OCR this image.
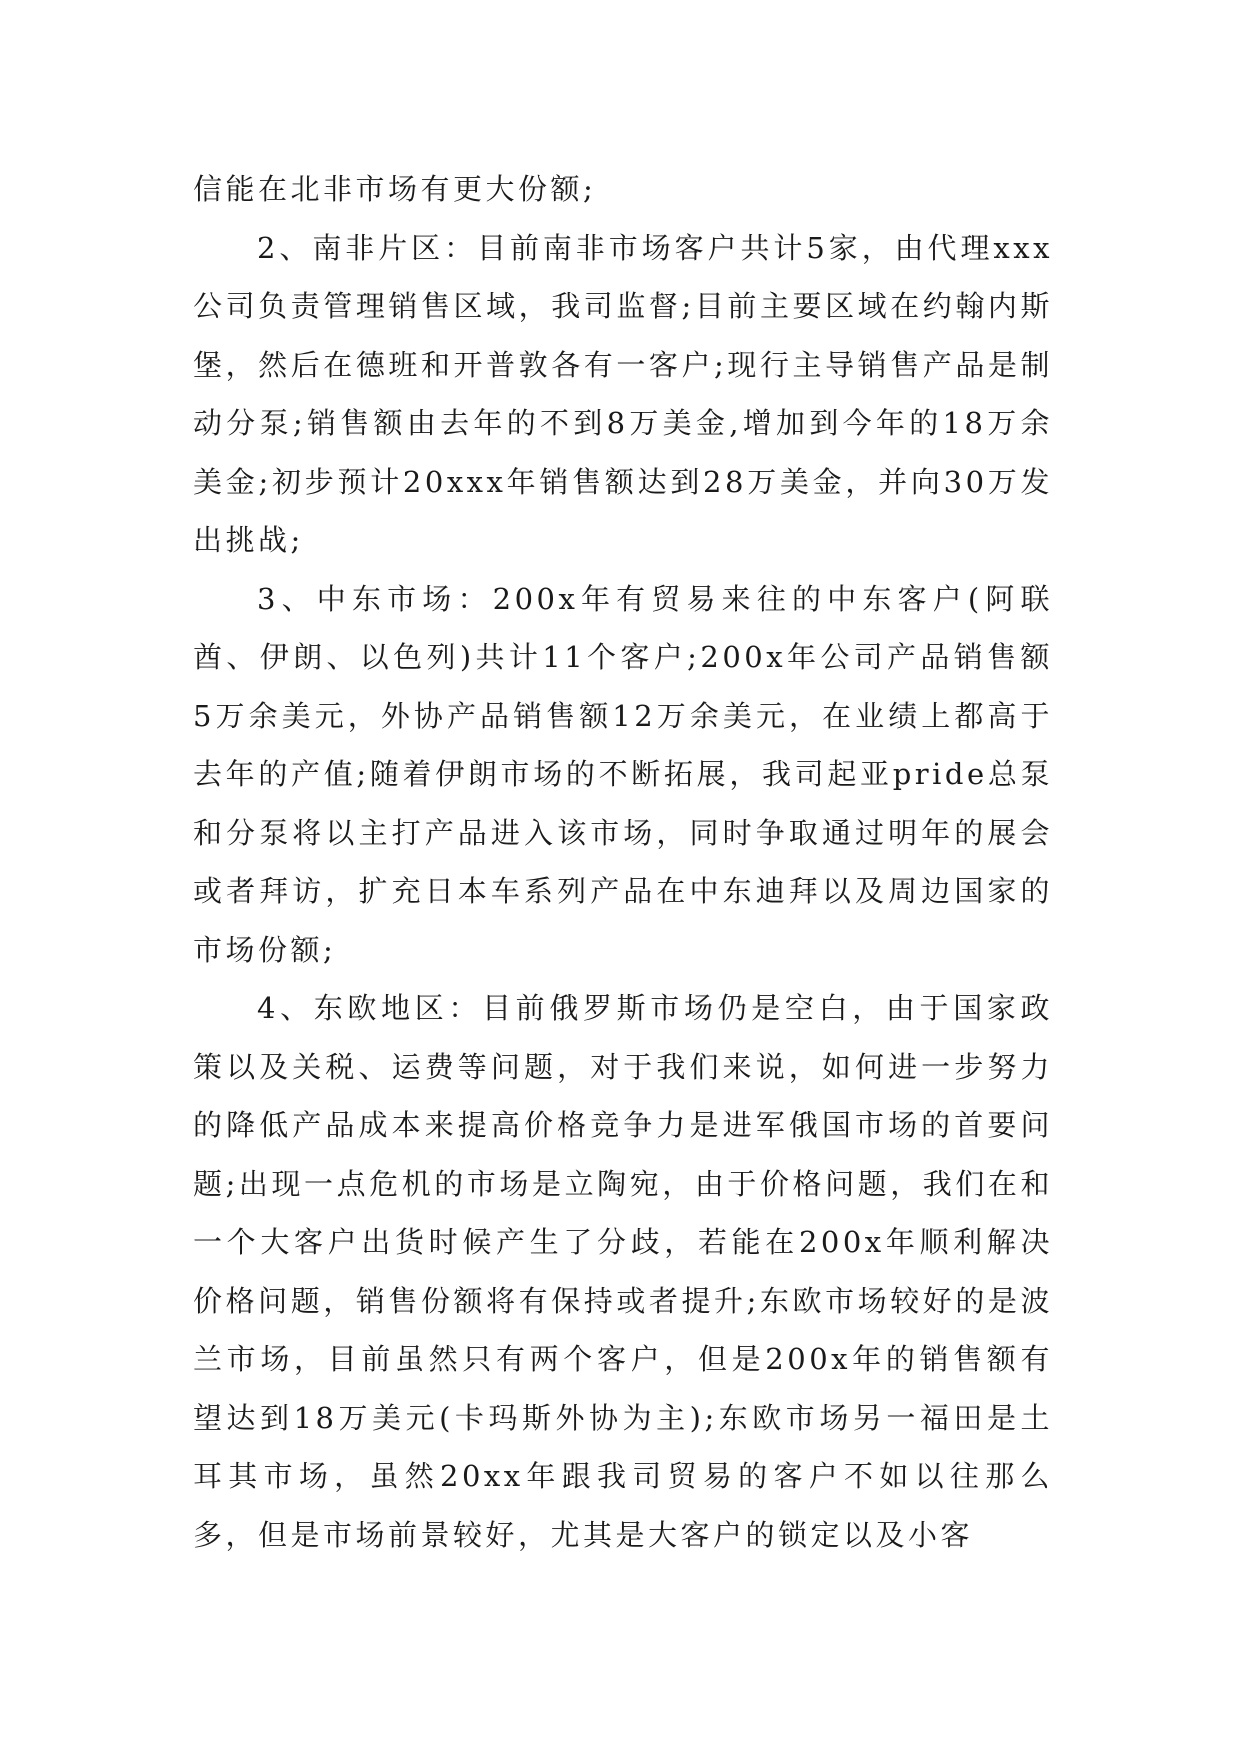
信能在北非市场有更大份额;

2、南非片区：目前南非市场客户共计5家，由代理xxx公司负责管理销售区域，我司监督;目前主要区域在约翰内斯堡，然后在德班和开普敦各有一客户;现行主导销售产品是制动分泵;销售额由去年的不到8万美金,增加到今年的18万余美金;初步预计20xxx年销售额达到28万美金，并向30万发出挑战;

3、中东市场：200x年有贸易来往的中东客户(阿联酋、伊朗、以色列)共计11个客户;200x年公司产品销售额5万余美元，外协产品销售额12万余美元，在业绩上都高于去年的产值;随着伊朗市场的不断拓展，我司起亚pride总泵和分泵将以主打产品进入该市场，同时争取通过明年的展会或者拜访，扩充日本车系列产品在中东迪拜以及周边国家的市场份额;

4、东欧地区：目前俄罗斯市场仍是空白，由于国家政策以及关税、运费等问题，对于我们来说，如何进一步努力的降低产品成本来提高价格竞争力是进军俄国市场的首要问题;出现一点危机的市场是立陶宛，由于价格问题，我们在和一个大客户出货时候产生了分歧，若能在200x年顺利解决价格问题，销售份额将有保持或者提升;东欧市场较好的是波兰市场，目前虽然只有两个客户，但是200x年的销售额有望达到18万美元(卡玛斯外协为主);东欧市场另一福田是土耳其市场，虽然20xx年跟我司贸易的客户不如以往那么多，但是市场前景较好，尤其是大客户的锁定以及小客
